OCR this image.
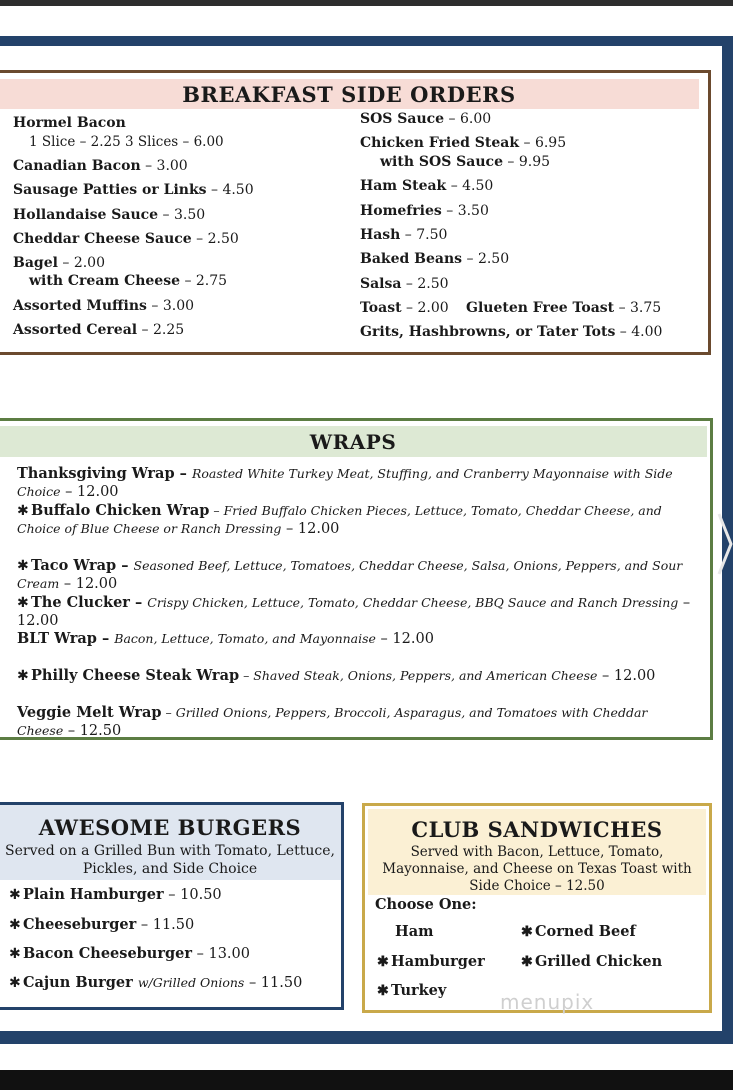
BREAKFAST SIDE ORDERS
Hormel Bacon
1 Slice – 2.25 3 Slices – 6.00
Canadian Bacon – 3.00
Sausage Patties or Links – 4.50
Hollandaise Sauce – 3.50
Cheddar Cheese Sauce – 2.50
Bagel – 2.00
with Cream Cheese – 2.75
Assorted Muffins – 3.00
Assorted Cereal – 2.25
SOS Sauce – 6.00
Chicken Fried Steak – 6.95
with SOS Sauce – 9.95
Ham Steak – 4.50
Homefries – 3.50
Hash – 7.50
Baked Beans – 2.50
Salsa – 2.50
Toast – 2.00 Glueten Free Toast – 3.75
Grits, Hashbrowns, or Tater Tots – 4.00
WRAPS
Thanksgiving Wrap – Roasted White Turkey Meat, Stuffing, and Cranberry Mayonnaise with Side Choice – 12.00
✱ Buffalo Chicken Wrap – Fried Buffalo Chicken Pieces, Lettuce, Tomato, Cheddar Cheese, and Choice of Blue Cheese or Ranch Dressing – 12.00
✱ Taco Wrap – Seasoned Beef, Lettuce, Tomatoes, Cheddar Cheese, Salsa, Onions, Peppers, and Sour Cream – 12.00
✱ The Clucker – Crispy Chicken, Lettuce, Tomato, Cheddar Cheese, BBQ Sauce and Ranch Dressing – 12.00
BLT Wrap – Bacon, Lettuce, Tomato, and Mayonnaise – 12.00
✱ Philly Cheese Steak Wrap – Shaved Steak, Onions, Peppers, and American Cheese – 12.00
Veggie Melt Wrap – Grilled Onions, Peppers, Broccoli, Asparagus, and Tomatoes with Cheddar Cheese – 12.50
AWESOME BURGERS
Served on a Grilled Bun with Tomato, Lettuce, Pickles, and Side Choice
✱ Plain Hamburger – 10.50
✱ Cheeseburger – 11.50
✱ Bacon Cheeseburger – 13.00
✱ Cajun Burger w/Grilled Onions – 11.50
CLUB SANDWICHES
Served with Bacon, Lettuce, Tomato, Mayonnaise, and Cheese on Texas Toast with Side Choice – 12.50
Choose One:
Ham	✱ Corned Beef
✱ Hamburger	✱ Grilled Chicken
✱ Turkey	menupix
